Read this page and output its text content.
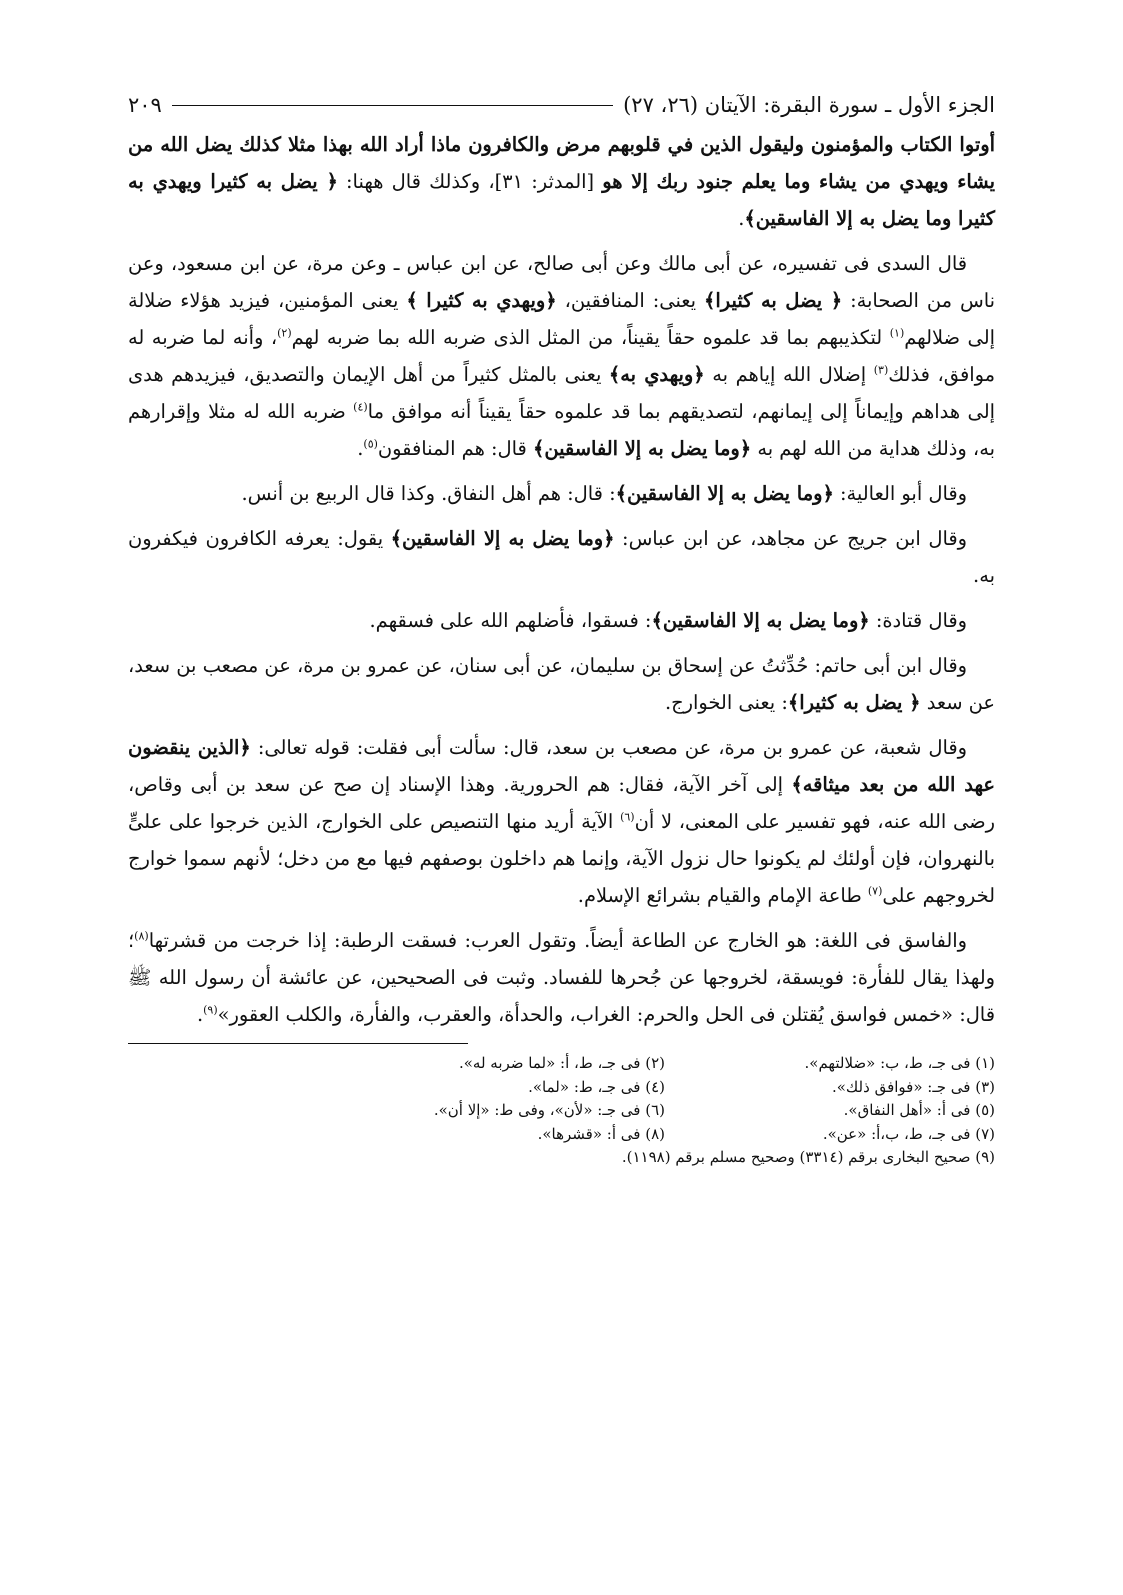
الجزء الأول ـ سورة البقرة: الآيتان (٢٦، ٢٧)
٢٠٩

أوتوا الكتاب والمؤمنون وليقول الذين في قلوبهم مرض والكافرون ماذا أراد الله بهذا مثلا كذلك يضل الله من يشاء ويهدي من يشاء وما يعلم جنود ربك إلا هو [المدثر: ٣١]، وكذلك قال ههنا: ﴿ يضل به كثيرا ويهدي به كثيرا وما يضل به إلا الفاسقين﴾.

قال السدى فى تفسيره، عن أبى مالك وعن أبى صالح، عن ابن عباس ـ وعن مرة، عن ابن مسعود، وعن ناس من الصحابة: ﴿ يضل به كثيرا﴾ يعنى: المنافقين، ﴿ويهدي به كثيرا ﴾ يعنى المؤمنين، فيزيد هؤلاء ضلالة إلى ضلالهم$^{(١)}$ لتكذيبهم بما قد علموه حقاً يقيناً، من المثل الذى ضربه الله بما ضربه لهم$^{(٢)}$، وأنه لما ضربه له موافق، فذلك$^{(٣)}$ إضلال الله إياهم به ﴿ويهدي به﴾ يعنى بالمثل كثيراً من أهل الإيمان والتصديق، فيزيدهم هدى إلى هداهم وإيماناً إلى إيمانهم، لتصديقهم بما قد علموه حقاً يقيناً أنه موافق ما$^{(٤)}$ ضربه الله له مثلا وإقرارهم به، وذلك هداية من الله لهم به ﴿وما يضل به إلا الفاسقين﴾ قال: هم المنافقون$^{(٥)}$.

وقال أبو العالية: ﴿وما يضل به إلا الفاسقين﴾: قال: هم أهل النفاق. وكذا قال الربيع بن أنس.

وقال ابن جريج عن مجاهد، عن ابن عباس: ﴿وما يضل به إلا الفاسقين﴾ يقول: يعرفه الكافرون فيكفرون به.

وقال قتادة: ﴿وما يضل به إلا الفاسقين﴾: فسقوا، فأضلهم الله على فسقهم.

وقال ابن أبى حاتم: حُدِّثتُ عن إسحاق بن سليمان، عن أبى سنان، عن عمرو بن مرة، عن مصعب بن سعد، عن سعد ﴿ يضل به كثيرا﴾: يعنى الخوارج.

وقال شعبة، عن عمرو بن مرة، عن مصعب بن سعد، قال: سألت أبى فقلت: قوله تعالى: ﴿الذين ينقضون عهد الله من بعد ميثاقه﴾ إلى آخر الآية، فقال: هم الحرورية. وهذا الإسناد إن صح عن سعد بن أبى وقاص، رضى الله عنه، فهو تفسير على المعنى، لا أن$^{(٦)}$ الآية أريد منها التنصيص على الخوارج، الذين خرجوا على علىٍّ بالنهروان، فإن أولئك لم يكونوا حال نزول الآية، وإنما هم داخلون بوصفهم فيها مع من دخل؛ لأنهم سموا خوارج لخروجهم على$^{(٧)}$ طاعة الإمام والقيام بشرائع الإسلام.

والفاسق فى اللغة: هو الخارج عن الطاعة أيضاً. وتقول العرب: فسقت الرطبة: إذا خرجت من قشرتها$^{(٨)}$؛ ولهذا يقال للفأرة: فويسقة، لخروجها عن جُحرها للفساد. وثبت فى الصحيحين، عن عائشة أن رسول الله ﷺ قال: «خمس فواسق يُقتلن فى الحل والحرم: الغراب، والحدأة، والعقرب، والفأرة، والكلب العقور»$^{(٩)}$.

(١) فى جـ، ط، ب: «ضلالتهم».
(٢) فى جـ، ط، أ: «لما ضربه له».
(٣) فى جـ: «فوافق ذلك».
(٤) فى جـ، ط: «لما».
(٥) فى أ: «أهل النفاق».
(٦) فى جـ: «لأن»، وفى ط: «إلا أن».
(٧) فى جـ، ط، ب،أ: «عن».
(٨) فى أ: «قشرها».
(٩) صحيح البخارى برقم (٣٣١٤) وصحيح مسلم برقم (١١٩٨).
